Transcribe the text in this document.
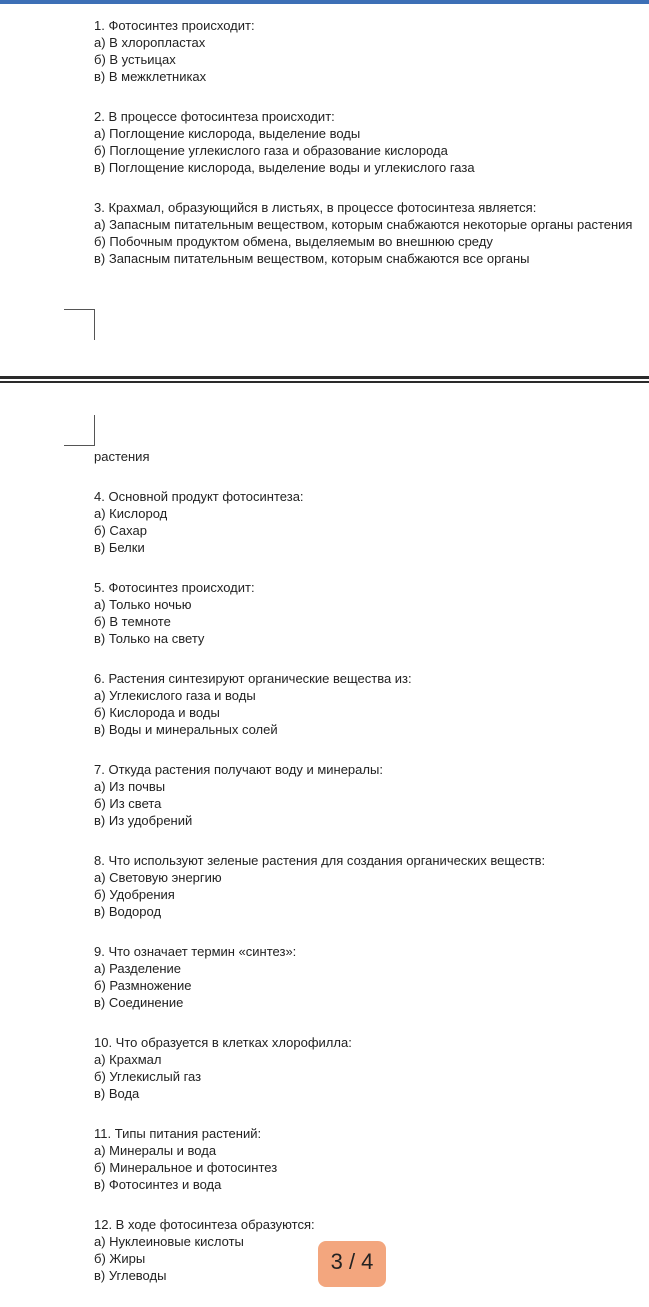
1. Фотосинтез происходит:

а) В хлоропластах

б) В устьицах

в) В межклетниках

2. В процессе фотосинтеза происходит:

а) Поглощение кислорода, выделение воды

б) Поглощение углекислого газа и образование кислорода

в) Поглощение кислорода, выделение воды и углекислого газа

3. Крахмал, образующийся в листьях, в процессе фотосинтеза является:

а) Запасным питательным веществом, которым снабжаются некоторые органы растения

б) Побочным продуктом обмена, выделяемым во внешнюю среду

в) Запасным питательным веществом, которым снабжаются все органы

растения

4. Основной продукт фотосинтеза:

а) Кислород

б) Сахар

в) Белки

5. Фотосинтез происходит:

а) Только ночью

б) В темноте

в) Только на свету

6. Растения синтезируют органические вещества из:

а) Углекислого газа и воды

б) Кислорода и воды

в) Воды и минеральных солей

7. Откуда растения получают воду и минералы:

а) Из почвы

б) Из света

в) Из удобрений

8. Что используют зеленые растения для создания органических веществ:

а) Световую энергию

б) Удобрения

в) Водород

9. Что означает термин «синтез»:

а) Разделение

б) Размножение

в) Соединение

10. Что образуется в клетках хлорофилла:

а) Крахмал

б) Углекислый газ

в) Вода

11. Типы питания растений:

а) Минералы и вода

б) Минеральное и фотосинтез

в) Фотосинтез и вода

12. В ходе фотосинтеза образуются:

а) Нуклеиновые кислоты

б) Жиры

в) Углеводы

3 / 4
